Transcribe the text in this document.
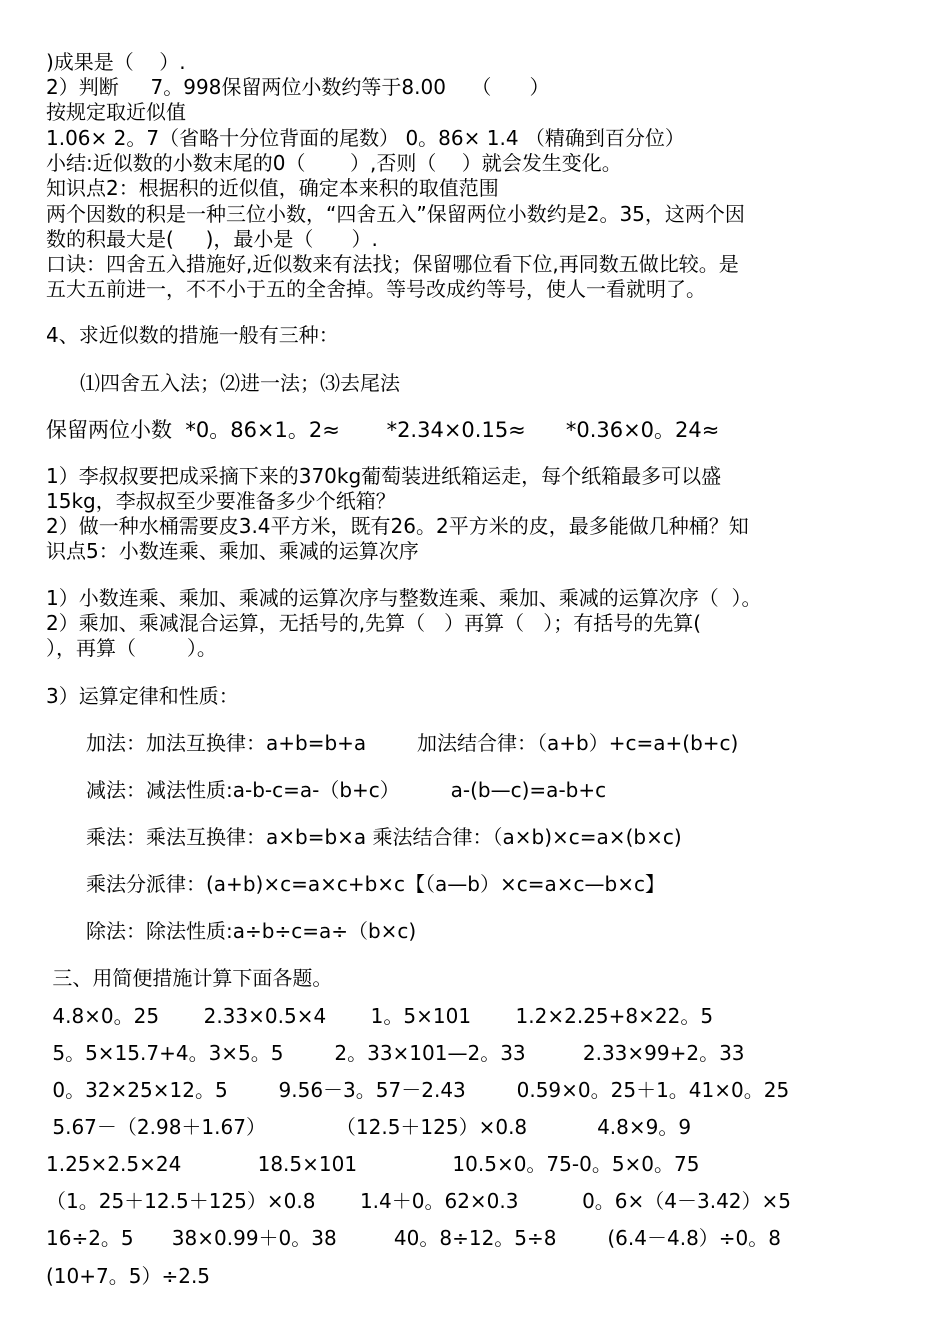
)成果是（    ）.
2）判断     7。998保留两位小数约等于8.00    （      ）
按规定取近似值
1.06× 2。7（省略十分位背面的尾数） 0。86× 1.4 （精确到百分位）
小结:近似数的小数末尾的0（       ）,否则（    ）就会发生变化。
知识点2：根据积的近似值，确定本来积的取值范围
两个因数的积是一种三位小数，“四舍五入”保留两位小数约是2。35，这两个因
数的积最大是(     )，最小是（      ）.
口诀：四舍五入措施好,近似数来有法找；保留哪位看下位,再同数五做比较。是
五大五前进一，不不小于五的全舍掉。等号改成约等号，使人一看就明了。
4、求近似数的措施一般有三种：
⑴四舍五入法；⑵进一法；⑶去尾法
保留两位小数  *0。86×1。2≈       *2.34×0.15≈      *0.36×0。24≈
1）李叔叔要把成采摘下来的370kg葡萄装进纸箱运走，每个纸箱最多可以盛
15kg，李叔叔至少要准备多少个纸箱？
2）做一种水桶需要皮3.4平方米，既有26。2平方米的皮，最多能做几种桶？知
识点5：小数连乘、乘加、乘减的运算次序
1）小数连乘、乘加、乘减的运算次序与整数连乘、乘加、乘减的运算次序（  ）。
2）乘加、乘减混合运算，无括号的,先算（   ）再算（   ）；有括号的先算(
），再算（        ）。
3）运算定律和性质：
加法：加法互换律：a+b=b+a        加法结合律：（a+b）+c=a+(b+c)
减法：减法性质:a-b-c=a-（b+c）        a-(b—c)=a-b+c
乘法：乘法互换律：a×b=b×a 乘法结合律：（a×b)×c=a×(b×c)
乘法分派律：(a+b)×c=a×c+b×c【（a—b）×c=a×c—b×c】
除法：除法性质:a÷b÷c=a÷（b×c)
三、用简便措施计算下面各题。
4.8×0。25       2.33×0.5×4       1。5×101       1.2×2.25+8×22。5
5。5×15.7+4。3×5。5        2。33×101—2。33         2.33×99+2。33
0。32×25×12。5        9.56－3。57－2.43        0.59×0。25＋1。41×0。25
5.67－（2.98＋1.67）           （12.5＋125）×0.8           4.8×9。9
1.25×2.5×24            18.5×101               10.5×0。75-0。5×0。75
（1。25＋12.5＋125）×0.8       1.4＋0。62×0.3          0。6×（4－3.42）×5
16÷2。5      38×0.99＋0。38         40。8÷12。5÷8        (6.4－4.8）÷0。8
(10+7。5）÷2.5
